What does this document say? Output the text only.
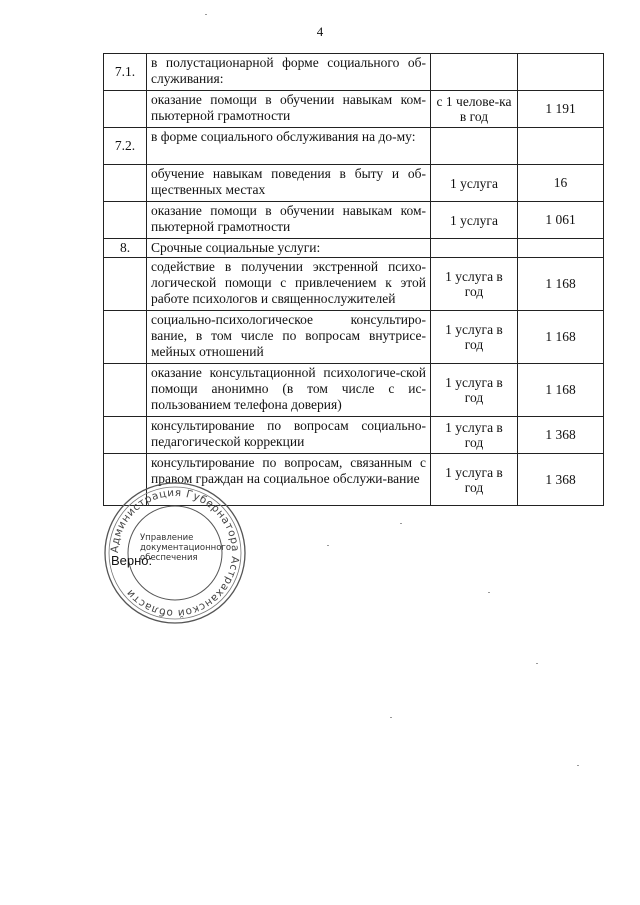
4
7.1.	в полустационарной форме социального об-служивания:		
	оказание помощи в обучении навыкам ком-пьютерной грамотности	с 1 челове-ка в год	1 191
7.2.	в форме социального обслуживания на до-му:		
	обучение навыкам поведения в быту и об-щественных местах	1 услуга	16
	оказание помощи в обучении навыкам ком-пьютерной грамотности	1 услуга	1 061
8.	Срочные социальные услуги:		
	содействие в получении экстренной психо-логической помощи с привлечением к этой работе психологов и священнослужителей	1 услуга в год	1 168
	социально-психологическое консультиро-вание, в том числе по вопросам внутрисе-мейных отношений	1 услуга в год	1 168
	оказание консультационной психологиче-ской помощи анонимно (в том числе с ис-пользованием телефона доверия)	1 услуга в год	1 168
	консультирование по вопросам социально-педагогической коррекции	1 услуга в год	1 368
	консультирование по вопросам, связанным с правом граждан на социальное обслужи-вание	1 услуга в год	1 368
Администрация Губернатора Астраханской области
Управление документационного обеспечения
Верно:
